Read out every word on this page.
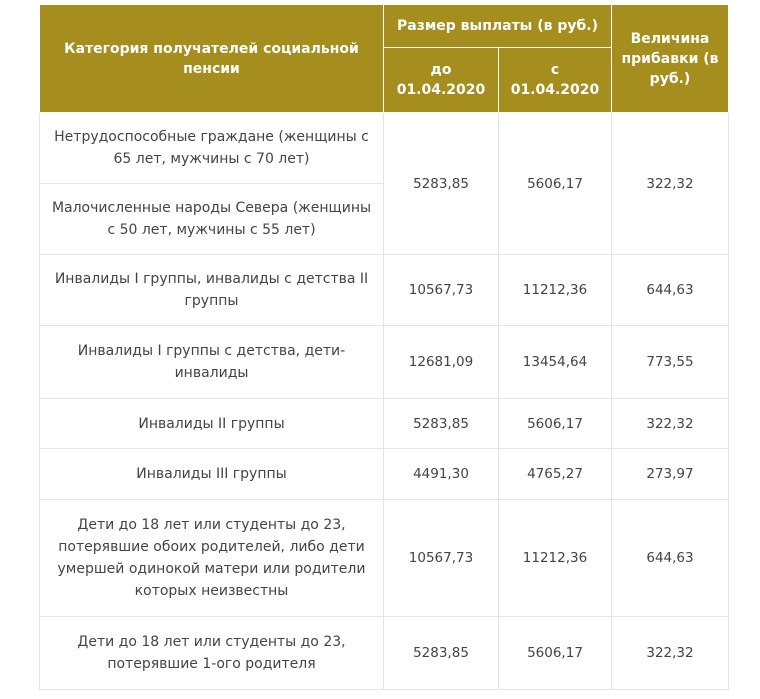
Категория получателей социальной пенсии	Размер выплаты (в руб.)		Величина прибавки (в руб.)
	до 01.04.2020	с 01.04.2020	
Нетрудоспособные граждане (женщины с 65 лет, мужчины с 70 лет)	5283,85	5606,17	322,32
Малочисленные народы Севера (женщины с 50 лет, мужчины с 55 лет)			
Инвалиды I группы, инвалиды с детства II группы	10567,73	11212,36	644,63
Инвалиды I группы с детства, дети-инвалиды	12681,09	13454,64	773,55
Инвалиды II группы	5283,85	5606,17	322,32
Инвалиды III группы	4491,30	4765,27	273,97
Дети до 18 лет или студенты до 23, потерявшие обоих родителей, либо дети умершей одинокой матери или родители которых неизвестны	10567,73	11212,36	644,63
Дети до 18 лет или студенты до 23, потерявшие 1-ого родителя	5283,85	5606,17	322,32
